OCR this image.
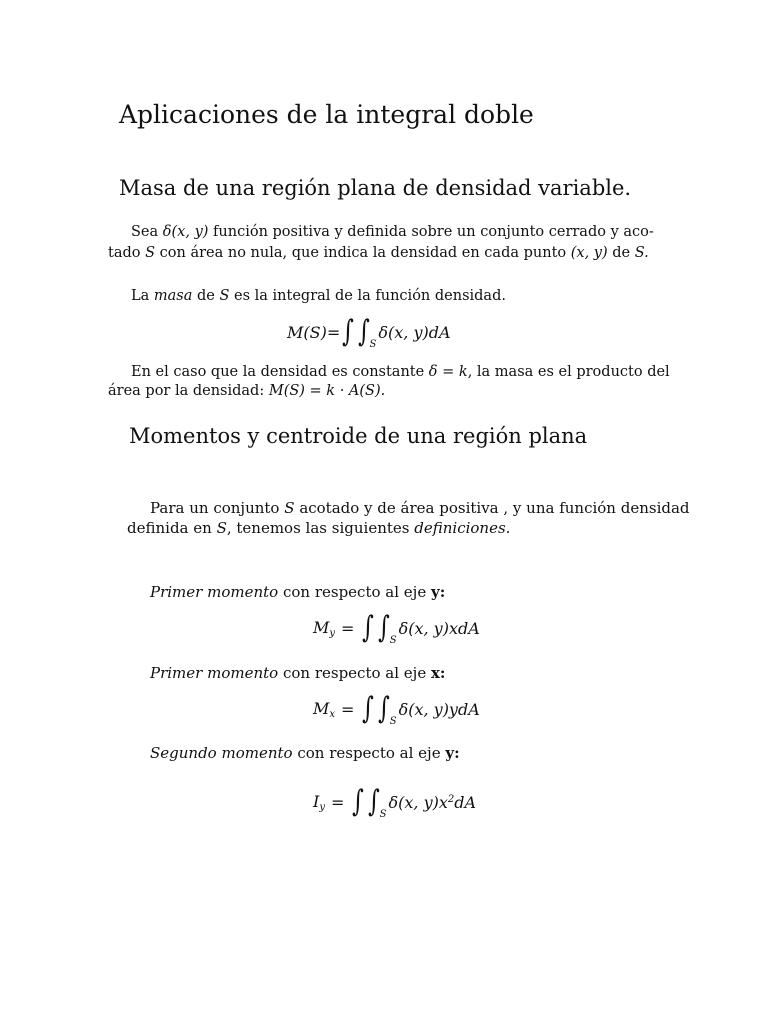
Aplicaciones de la integral doble
Masa de una región plana de densidad variable.
Sea δ(x, y) función positiva y definida sobre un conjunto cerrado y aco-
tado S con área no nula, que indica la densidad en cada punto (x, y) de S.
La masa de S es la integral de la función densidad.
M(S)= ∫ ∫ S
δ(x, y)dA
En el caso que la densidad es constante δ = k, la masa es el producto del
área por la densidad: M(S) = k · A(S).
Momentos y centroide de una región plana
Para un conjunto S acotado y de área positiva , y una función densidad
definida en S, tenemos las siguientes definiciones.
Primer momento con respecto al eje y:
My = ∫ ∫ S
δ(x, y)xdA
Primer momento con respecto al eje x:
Mx = ∫ ∫ S
δ(x, y)ydA
Segundo momento con respecto al eje y:
Iy = ∫ ∫ S
δ(x, $y)x^2dA$
